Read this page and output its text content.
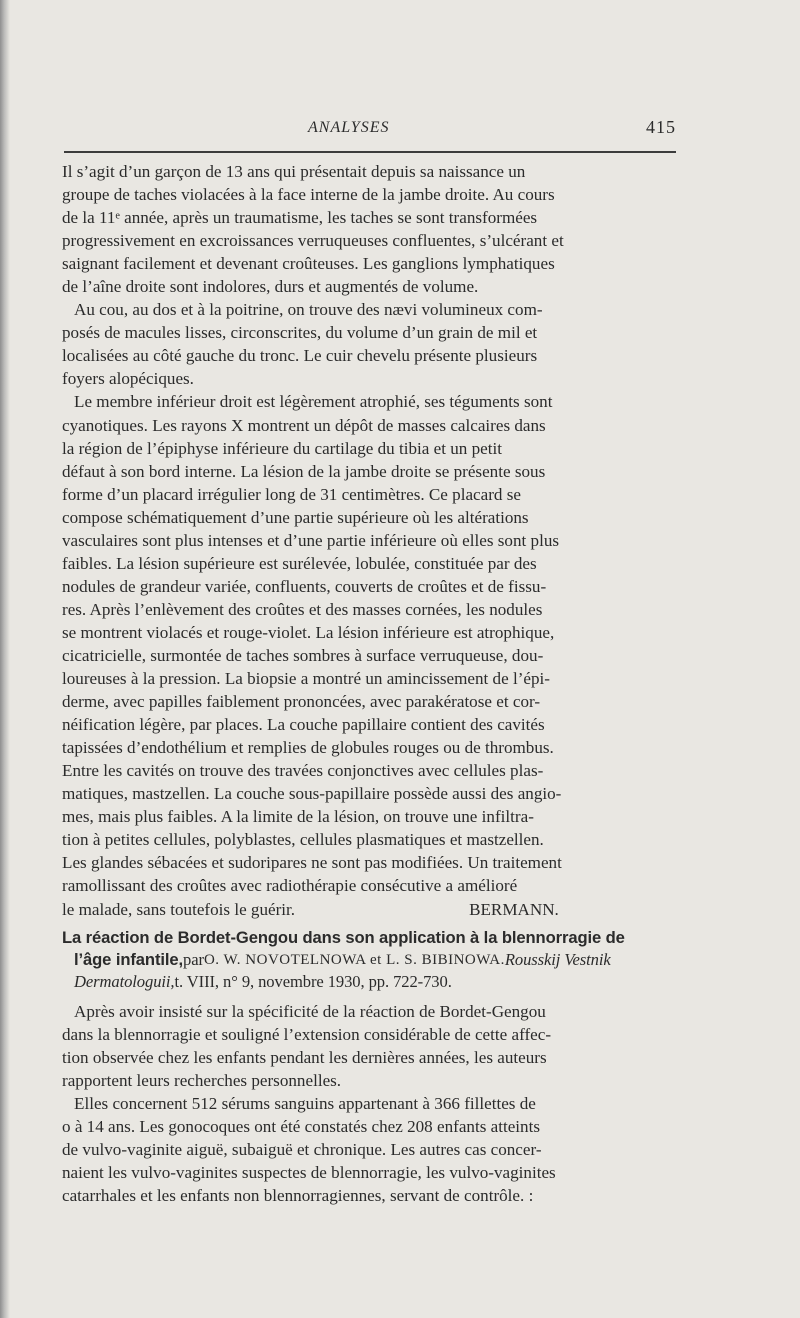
ANALYSES	415
Il s’agit d’un garçon de 13 ans qui présentait depuis sa naissance un
groupe de taches violacées à la face interne de la jambe droite. Au cours
de la 11ᵉ année, après un traumatisme, les taches se sont transformées
progressivement en excroissances verruqueuses confluentes, s’ulcérant et
saignant facilement et devenant croûteuses. Les ganglions lymphatiques
de l’aîne droite sont indolores, durs et augmentés de volume.
Au cou, au dos et à la poitrine, on trouve des nævi volumineux com-
posés de macules lisses, circonscrites, du volume d’un grain de mil et
localisées au côté gauche du tronc. Le cuir chevelu présente plusieurs
foyers alopéciques.
Le membre inférieur droit est légèrement atrophié, ses téguments sont
cyanotiques. Les rayons X montrent un dépôt de masses calcaires dans
la région de l’épiphyse inférieure du cartilage du tibia et un petit
défaut à son bord interne. La lésion de la jambe droite se présente sous
forme d’un placard irrégulier long de 31 centimètres. Ce placard se
compose schématiquement d’une partie supérieure où les altérations
vasculaires sont plus intenses et d’une partie inférieure où elles sont plus
faibles. La lésion supérieure est surélevée, lobulée, constituée par des
nodules de grandeur variée, confluents, couverts de croûtes et de fissu-
res. Après l’enlèvement des croûtes et des masses cornées, les nodules
se montrent violacés et rouge-violet. La lésion inférieure est atrophique,
cicatricielle, surmontée de taches sombres à surface verruqueuse, dou-
loureuses à la pression. La biopsie a montré un amincissement de l’épi-
derme, avec papilles faiblement prononcées, avec parakératose et cor-
néification légère, par places. La couche papillaire contient des cavités
tapissées d’endothélium et remplies de globules rouges ou de thrombus.
Entre les cavités on trouve des travées conjonctives avec cellules plas-
matiques, mastzellen. La couche sous-papillaire possède aussi des angio-
mes, mais plus faibles. A la limite de la lésion, on trouve une infiltra-
tion à petites cellules, polyblastes, cellules plasmatiques et mastzellen.
Les glandes sébacées et sudoripares ne sont pas modifiées. Un traitement
ramollissant des croûtes avec radiothérapie consécutive a amélioré
le malade, sans toutefois le guérir.	BERMANN.
La réaction de Bordet-Gengou dans son application à la blennorragie de
l’âge infantile, par O. W. NOVOTELNOWA et L. S. BIBINOWA. Rousskij Vestnik
Dermatologuii, t. VIII, n° 9, novembre 1930, pp. 722-730.
Après avoir insisté sur la spécificité de la réaction de Bordet-Gengou
dans la blennorragie et souligné l’extension considérable de cette affec-
tion observée chez les enfants pendant les dernières années, les auteurs
rapportent leurs recherches personnelles.
Elles concernent 512 sérums sanguins appartenant à 366 fillettes de
o à 14 ans. Les gonocoques ont été constatés chez 208 enfants atteints
de vulvo-vaginite aiguë, subaiguë et chronique. Les autres cas concer-
naient les vulvo-vaginites suspectes de blennorragie, les vulvo-vaginites
catarrhales et les enfants non blennorragiennes, servant de contrôle. :
